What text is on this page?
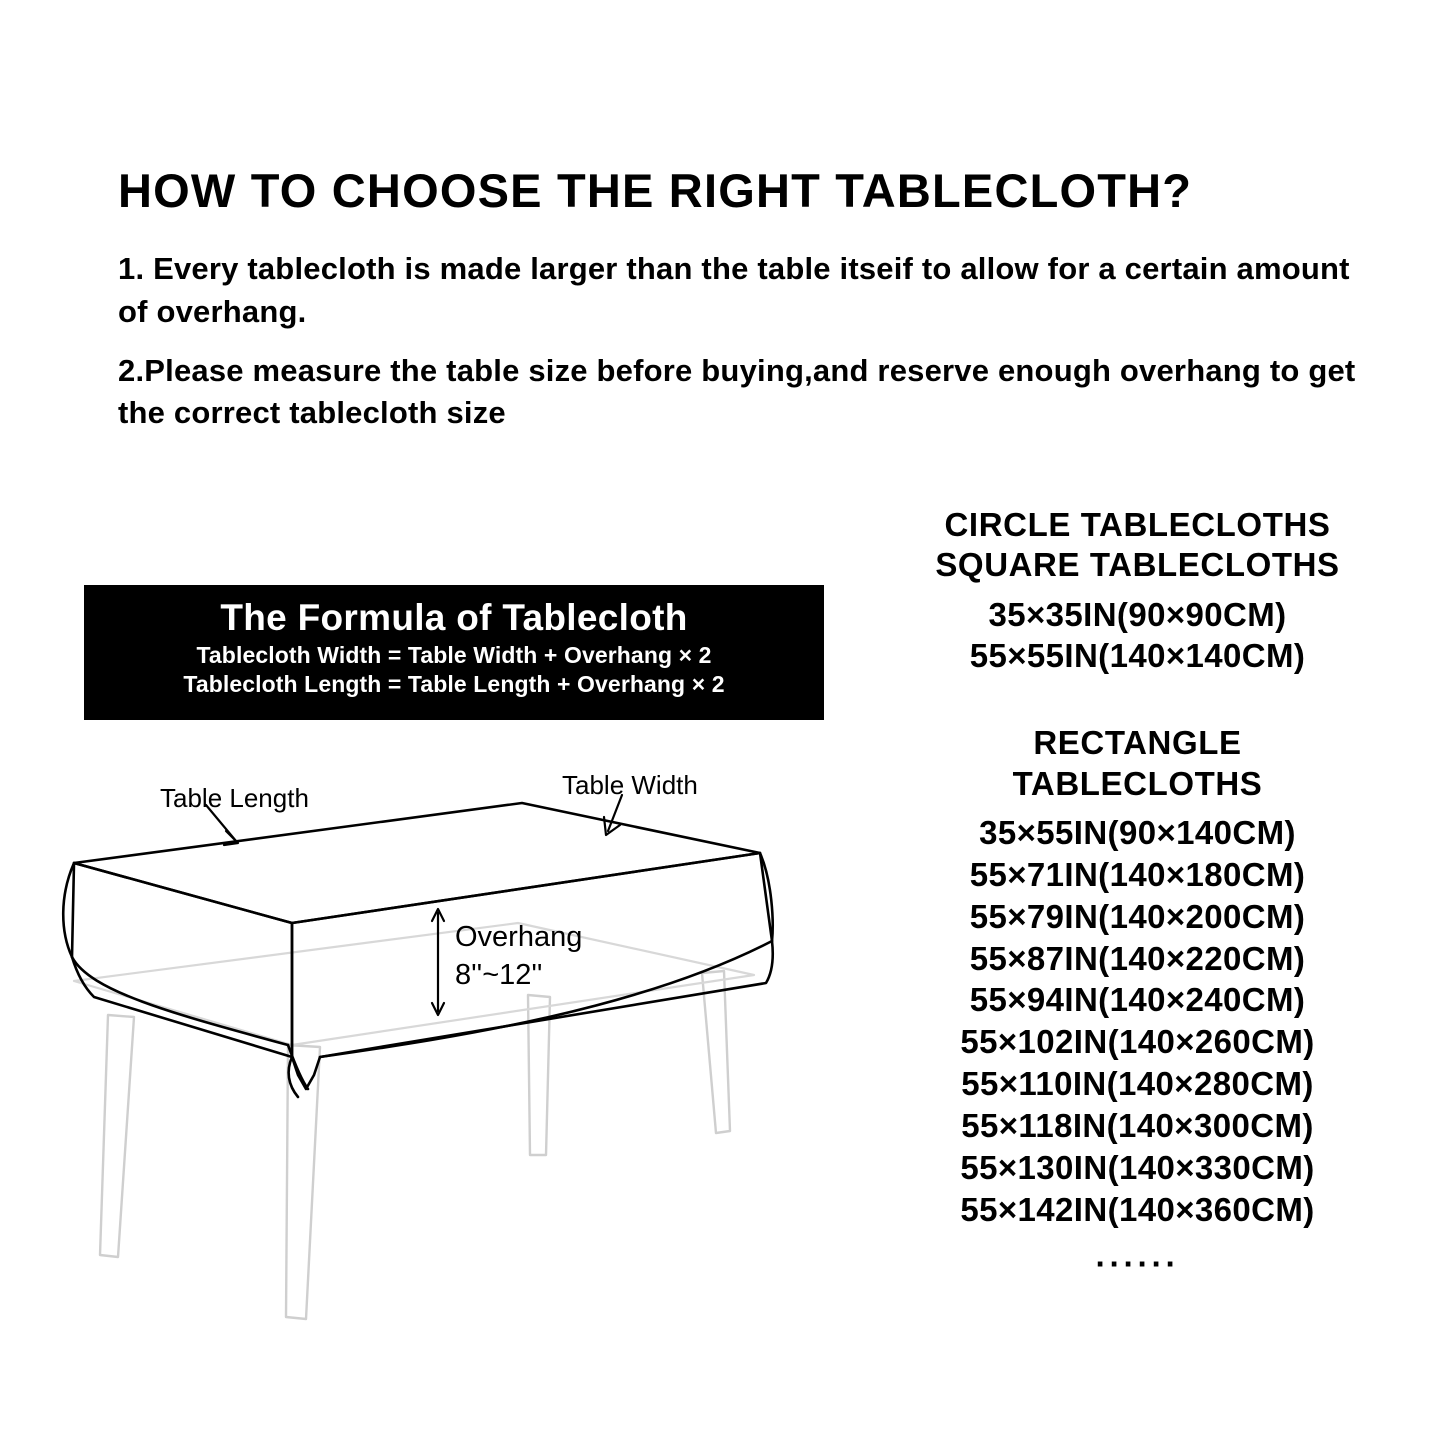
HOW TO CHOOSE THE RIGHT TABLECLOTH?

1. Every tablecloth is made larger than the table itseif to allow for a certain amount of overhang.

2.Please measure the table size before buying,and reserve enough overhang to get the correct tablecloth size

The Formula of Tablecloth
Tablecloth Width = Table Width + Overhang × 2
Tablecloth Length = Table Length + Overhang × 2
Table Length	Table Width
Overhang
8''~12''
CIRCLE TABLECLOTHS
SQUARE TABLECLOTHS
35×35IN(90×90CM)
55×55IN(140×140CM)
RECTANGLE
TABLECLOTHS
35×55IN(90×140CM)
55×71IN(140×180CM)
55×79IN(140×200CM)
55×87IN(140×220CM)
55×94IN(140×240CM)
55×102IN(140×260CM)
55×110IN(140×280CM)
55×118IN(140×300CM)
55×130IN(140×330CM)
55×142IN(140×360CM)
······
